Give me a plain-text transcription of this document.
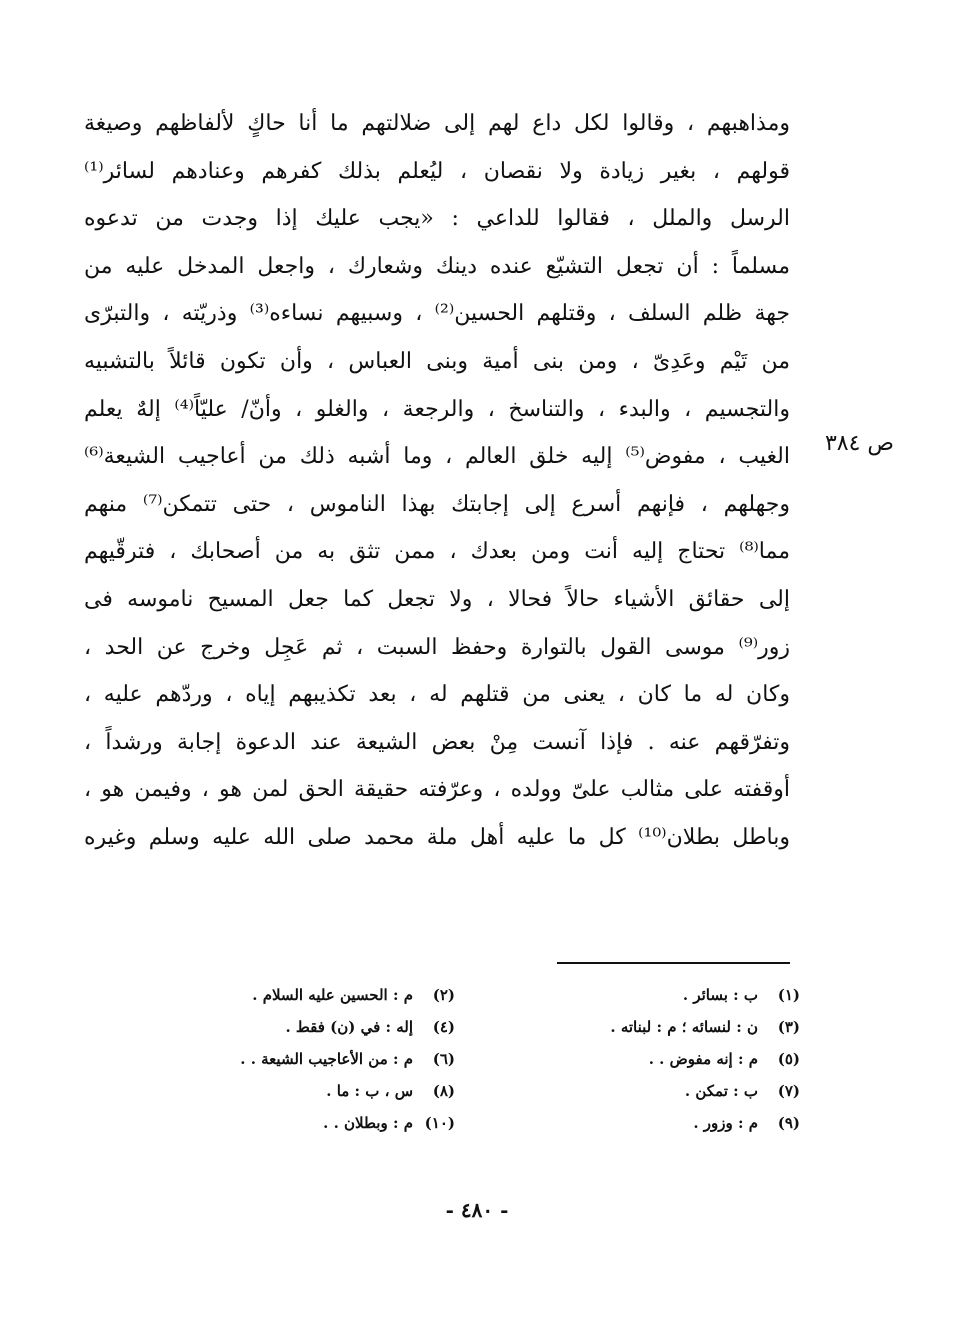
ومذاهبهم ، وقالوا لكل داع لهم إلى ضلالتهم ما أنا حاكٍ لألفاظهم وصيغة
قولهم ، بغير زيادة ولا نقصان ، ليُعلم بذلك كفرهم وعنادهم لسائر⁽¹⁾
الرسل والملل ، فقالوا للداعي : «يجب عليك إذا وجدت من تدعوه
مسلماً : أن تجعل التشيّع عنده دينك وشعارك ، واجعل المدخل عليه من
جهة ظلم السلف ، وقتلهم الحسين⁽²⁾ ، وسبيهم نساءه⁽³⁾ وذريّته ، والتبرّى
من تَيْم وعَدِىّ ، ومن بنى أمية وبنى العباس ، وأن تكون قائلاً بالتشبيه
والتجسيم ، والبدء ، والتناسخ ، والرجعة ، والغلو ، وأنّ/ عليّاً⁽⁴⁾ إلهٌ يعلم
الغيب ، مفوض⁽⁵⁾ إليه خلق العالم ، وما أشبه ذلك من أعاجيب الشيعة⁽⁶⁾
وجهلهم ، فإنهم أسرع إلى إجابتك بهذا الناموس ، حتى تتمكن⁽⁷⁾ منهم
مما⁽⁸⁾ تحتاج إليه أنت ومن بعدك ، ممن تثق به من أصحابك ، فترقّيهم
إلى حقائق الأشياء حالاً فحالا ، ولا تجعل كما جعل المسيح ناموسه فى
زور⁽⁹⁾ موسى القول بالتوارة وحفظ السبت ، ثم عَجِل وخرج عن الحد ،
وكان له ما كان ، يعنى من قتلهم له ، بعد تكذيبهم إياه ، وردّهم عليه ،
وتفرّقهم عنه . فإذا آنست مِنْ بعض الشيعة عند الدعوة إجابة ورشداً ،
أوقفته على مثالب علىّ وولده ، وعرّفته حقيقة الحق لمن هو ، وفيمن هو ،
وباطل بطلان⁽¹⁰⁾ كل ما عليه أهل ملة محمد صلى الله عليه وسلم وغيره
ص ٣٨٤
(١)ب : بسائر .
(٢)م : الحسين عليه السلام .
(٣)ن : لنسائه ؛ م : لبناته .
(٤)إله : في (ن) فقط .
(٥)م : إنه مفوض . .
(٦)م : من الأعاجيب الشيعة . .
(٧)ب : تمكن .
(٨)س ، ب : ما .
(٩)م : وزور .
(١٠)م : وبطلان . .
- ٤٨٠ -
